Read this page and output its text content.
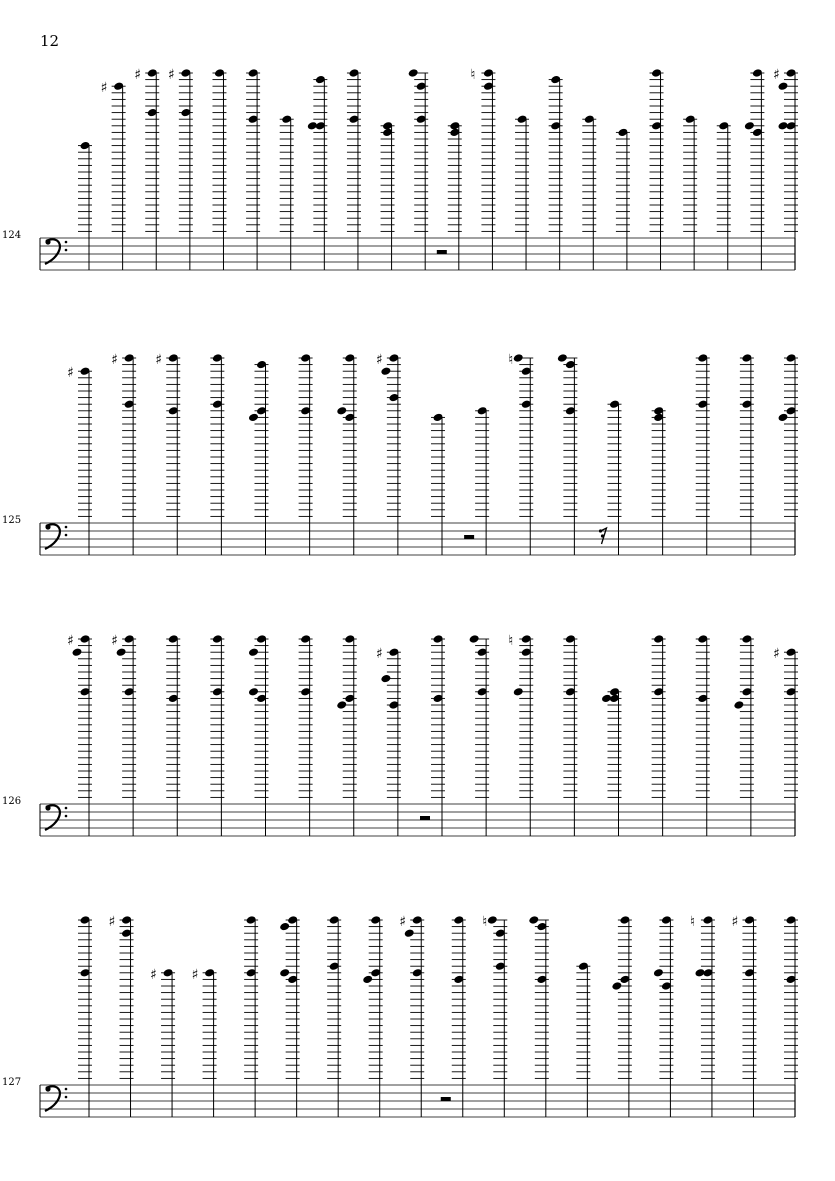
12
124
125
126
127
♯
♯ ♯	♮	♯
♯
♯	♯	♯	♮
♯	♯
♯
♮
♯
♯
♯ ♯
♯	♮	♮	♯
